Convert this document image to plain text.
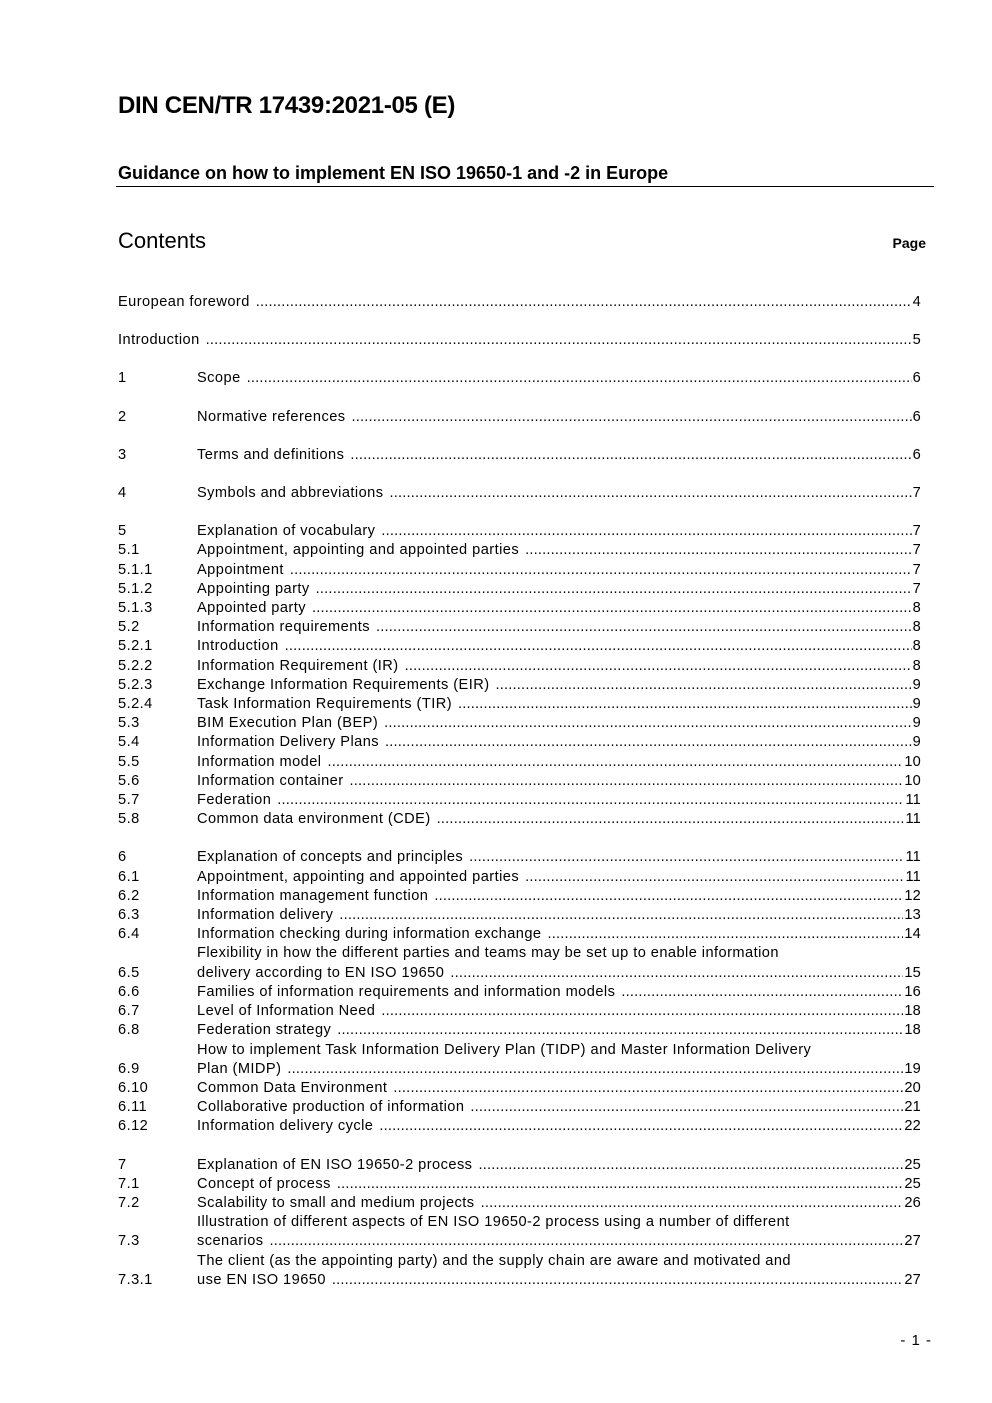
DIN CEN/TR 17439:2021-05 (E)
Guidance on how to implement EN ISO 19650-1 and -2 in Europe
Contents	Page
European foreword .....	4
Introduction .....	5
1	Scope .....	6
2	Normative references .....	6
3	Terms and definitions .....	6
4	Symbols and abbreviations .....	7
5	Explanation of vocabulary .....	7
5.1	Appointment, appointing and appointed parties .....	7
5.1.1	Appointment .....	7
5.1.2	Appointing party .....	7
5.1.3	Appointed party .....	8
5.2	Information requirements .....	8
5.2.1	Introduction .....	8
5.2.2	Information Requirement (IR) .....	8
5.2.3	Exchange Information Requirements (EIR) .....	9
5.2.4	Task Information Requirements (TIR) .....	9
5.3	BIM Execution Plan (BEP) .....	9
5.4	Information Delivery Plans .....	9
5.5	Information model .....	10
5.6	Information container .....	10
5.7	Federation .....	11
5.8	Common data environment (CDE) .....	11
6	Explanation of concepts and principles .....	11
6.1	Appointment, appointing and appointed parties .....	11
6.2	Information management function .....	12
6.3	Information delivery .....	13
6.4	Information checking during information exchange .....	14
6.5
Flexibility in how the different parties and teams may be set up to enable information
delivery according to EN ISO 19650 .....	15
6.6	Families of information requirements and information models .....	16
6.7	Level of Information Need .....	18
6.8	Federation strategy .....	18
6.9
How to implement Task Information Delivery Plan (TIDP) and Master Information Delivery
Plan (MIDP) .....	19
6.10	Common Data Environment .....	20
6.11	Collaborative production of information .....	21
6.12	Information delivery cycle .....	22
7	Explanation of EN ISO 19650-2 process .....	25
7.1	Concept of process .....	25
7.2	Scalability to small and medium projects .....	26
7.3
Illustration of different aspects of EN ISO 19650-2 process using a number of different
scenarios .....	27
7.3.1
The client (as the appointing party) and the supply chain are aware and motivated and
use EN ISO 19650 .....	27
- 1 -
